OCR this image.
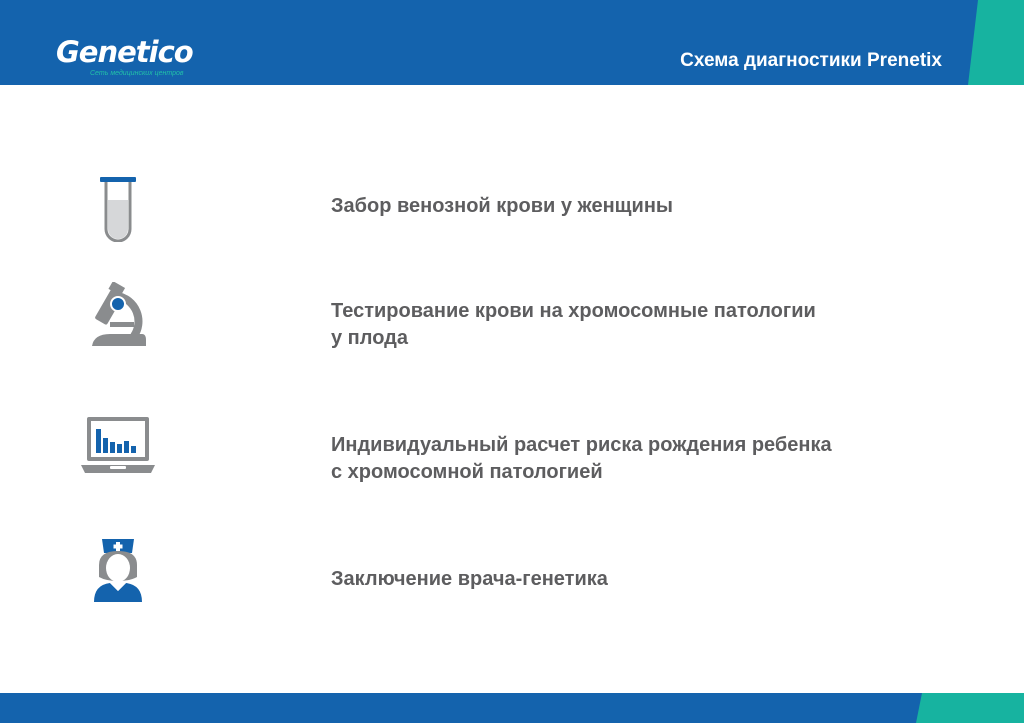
Genetico
Сеть медицинских центров
Схема диагностики Prenetix

Забор венозной крови у женщины

Тестирование крови на хромосомные патологии
у плода

Индивидуальный расчет риска рождения ребенка
с хромосомной патологией

Заключение врача-генетика
